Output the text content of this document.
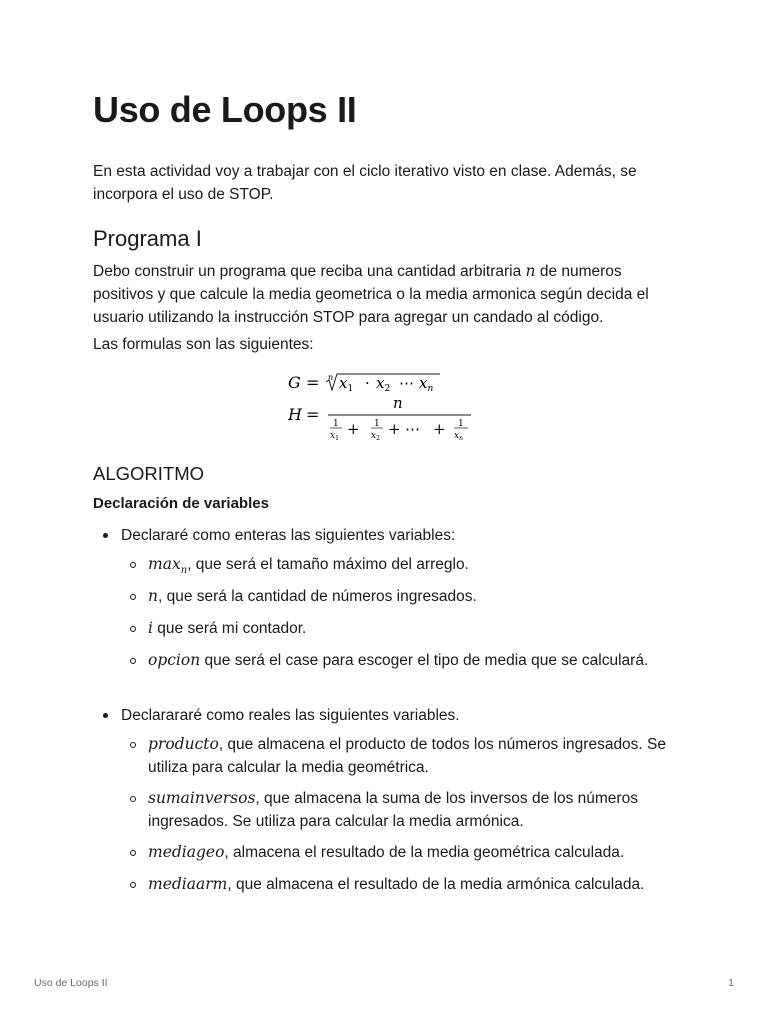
Uso de Loops II

En esta actividad voy a trabajar con el ciclo iterativo visto en clase. Además, se incorpora el uso de STOP.

Programa I

Debo construir un programa que reciba una cantidad arbitraria n de numeros positivos y que calcule la media geometrica o la media armonica según decida el usuario utilizando la instrucción STOP para agregar un candado al código.

Las formulas son las siguientes:

G = n $x_1 \cdot x_2$ ⋯ $x_n$
H =
n
1
$x_1$
+ 1
$x_2$
+ ⋯ + 1
$x_n$
ALGORITMO
Declaración de variables
Declararé como enteras las siguientes variables:
$\max_n$, que será el tamaño máximo del arreglo.
n, que será la cantidad de números ingresados.
i que será mi contador.
opcion que será el case para escoger el tipo de media que se calculará.
Declarararé como reales las siguientes variables.
producto, que almacena el producto de todos los números ingresados. Se utiliza para calcular la media geométrica.
sumainversos, que almacena la suma de los inversos de los números ingresados. Se utiliza para calcular la media armónica.
mediageo, almacena el resultado de la media geométrica calculada.
mediaarm, que almacena el resultado de la media armónica calculada.
Uso de Loops II	1
